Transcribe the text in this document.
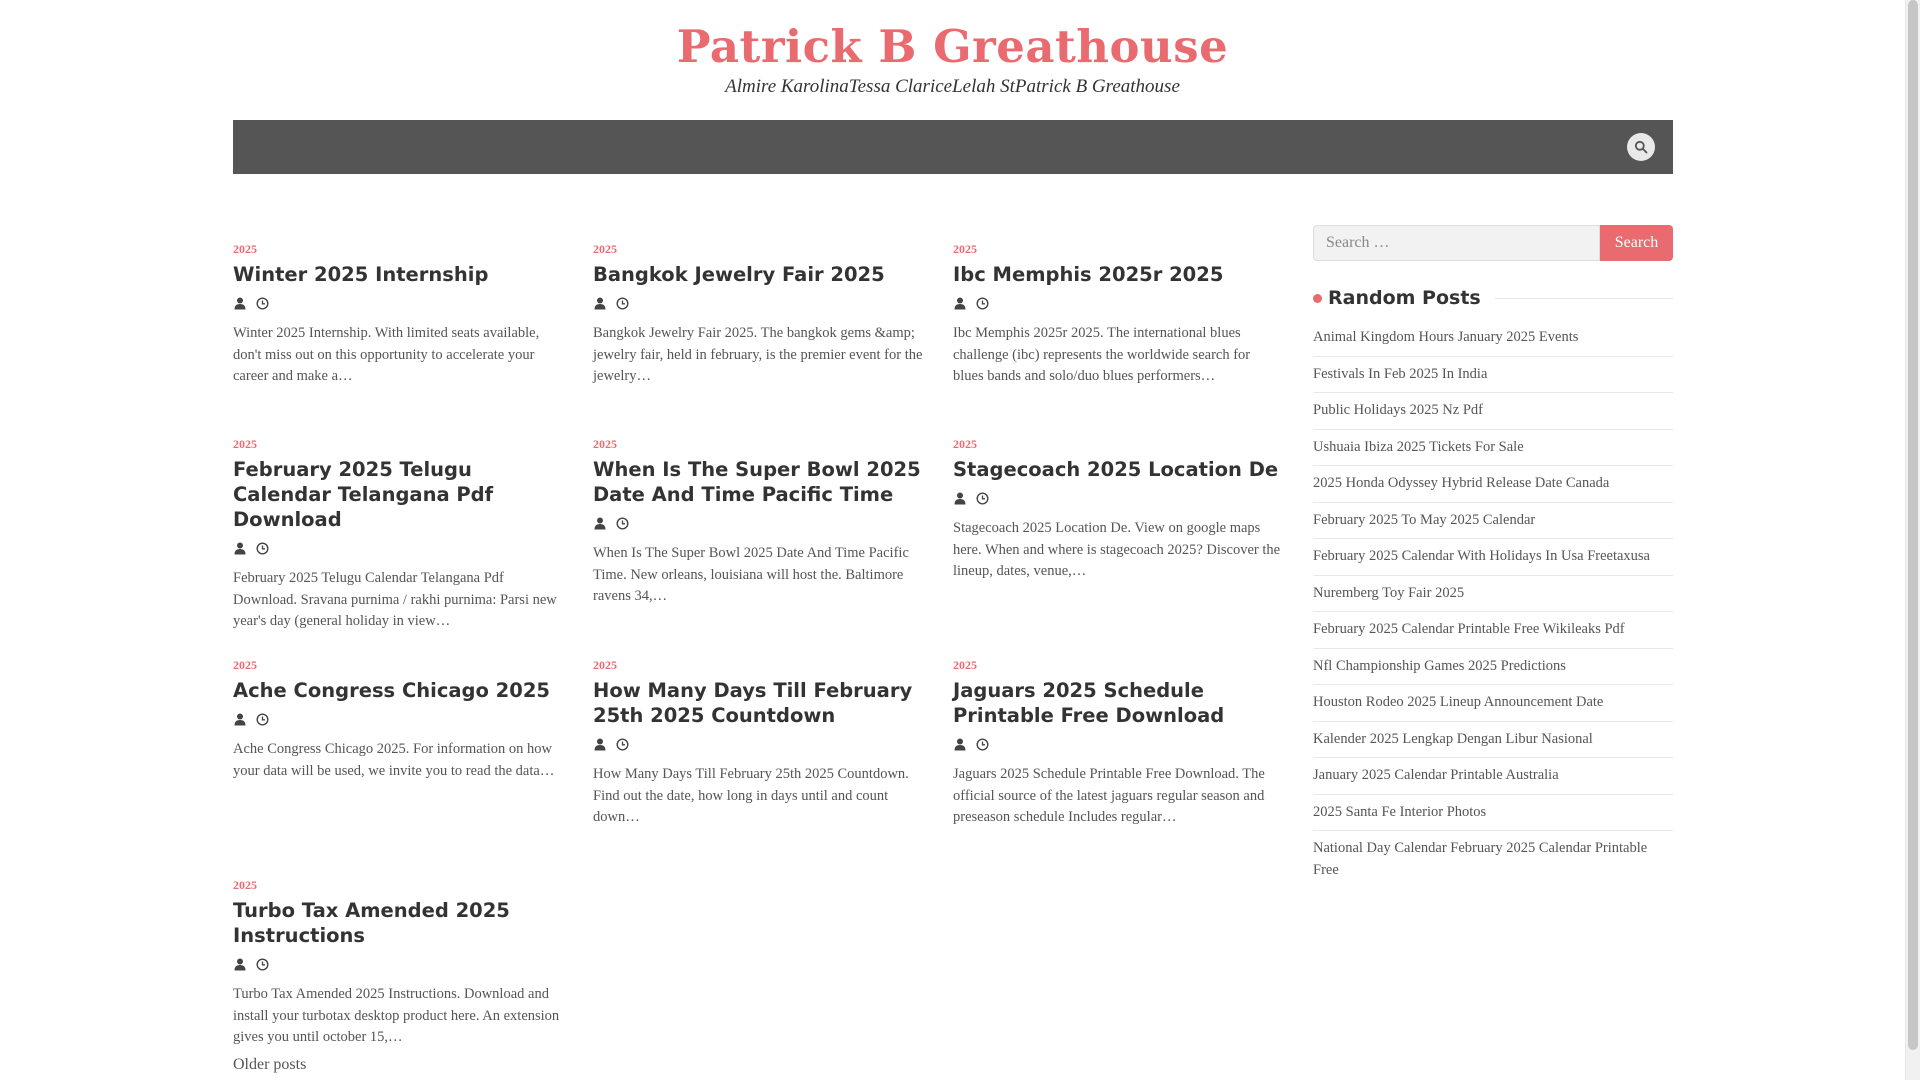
Patrick B Greathouse
Almire KarolinaTessa ClariceLelah StPatrick B Greathouse
2025
Winter 2025 Internship
Winter 2025 Internship. With limited seats available, don't miss out on this opportunity to accelerate your career and make a…
2025
Bangkok Jewelry Fair 2025
Bangkok Jewelry Fair 2025. The bangkok gems &amp; jewelry fair, held in february, is the premier event for the jewelry…
2025
Ibc Memphis 2025r 2025
Ibc Memphis 2025r 2025. The international blues challenge (ibc) represents the worldwide search for blues bands and solo/duo blues performers…
2025
February 2025 Telugu Calendar Telangana Pdf Download
February 2025 Telugu Calendar Telangana Pdf Download. Sravana purnima / rakhi purnima: Parsi new year's day (general holiday in view…
2025
When Is The Super Bowl 2025 Date And Time Pacific Time
When Is The Super Bowl 2025 Date And Time Pacific Time. New orleans, louisiana will host the. Baltimore ravens 34,…
2025
Stagecoach 2025 Location De
Stagecoach 2025 Location De. View on google maps here. When and where is stagecoach 2025? Discover the lineup, dates, venue,…
2025
Ache Congress Chicago 2025
Ache Congress Chicago 2025. For information on how your data will be used, we invite you to read the data…
2025
How Many Days Till February 25th 2025 Countdown
How Many Days Till February 25th 2025 Countdown. Find out the date, how long in days until and count down…
2025
Jaguars 2025 Schedule Printable Free Download
Jaguars 2025 Schedule Printable Free Download. The official source of the latest jaguars regular season and preseason schedule Includes regular…
2025
Turbo Tax Amended 2025 Instructions
Turbo Tax Amended 2025 Instructions. Download and install your turbotax desktop product here. An extension gives you until october 15,…
Older posts
Search …
Search
Random Posts
Animal Kingdom Hours January 2025 Events
Festivals In Feb 2025 In India
Public Holidays 2025 Nz Pdf
Ushuaia Ibiza 2025 Tickets For Sale
2025 Honda Odyssey Hybrid Release Date Canada
February 2025 To May 2025 Calendar
February 2025 Calendar With Holidays In Usa Freetaxusa
Nuremberg Toy Fair 2025
February 2025 Calendar Printable Free Wikileaks Pdf
Nfl Championship Games 2025 Predictions
Houston Rodeo 2025 Lineup Announcement Date
Kalender 2025 Lengkap Dengan Libur Nasional
January 2025 Calendar Printable Australia
2025 Santa Fe Interior Photos
National Day Calendar February 2025 Calendar Printable Free
